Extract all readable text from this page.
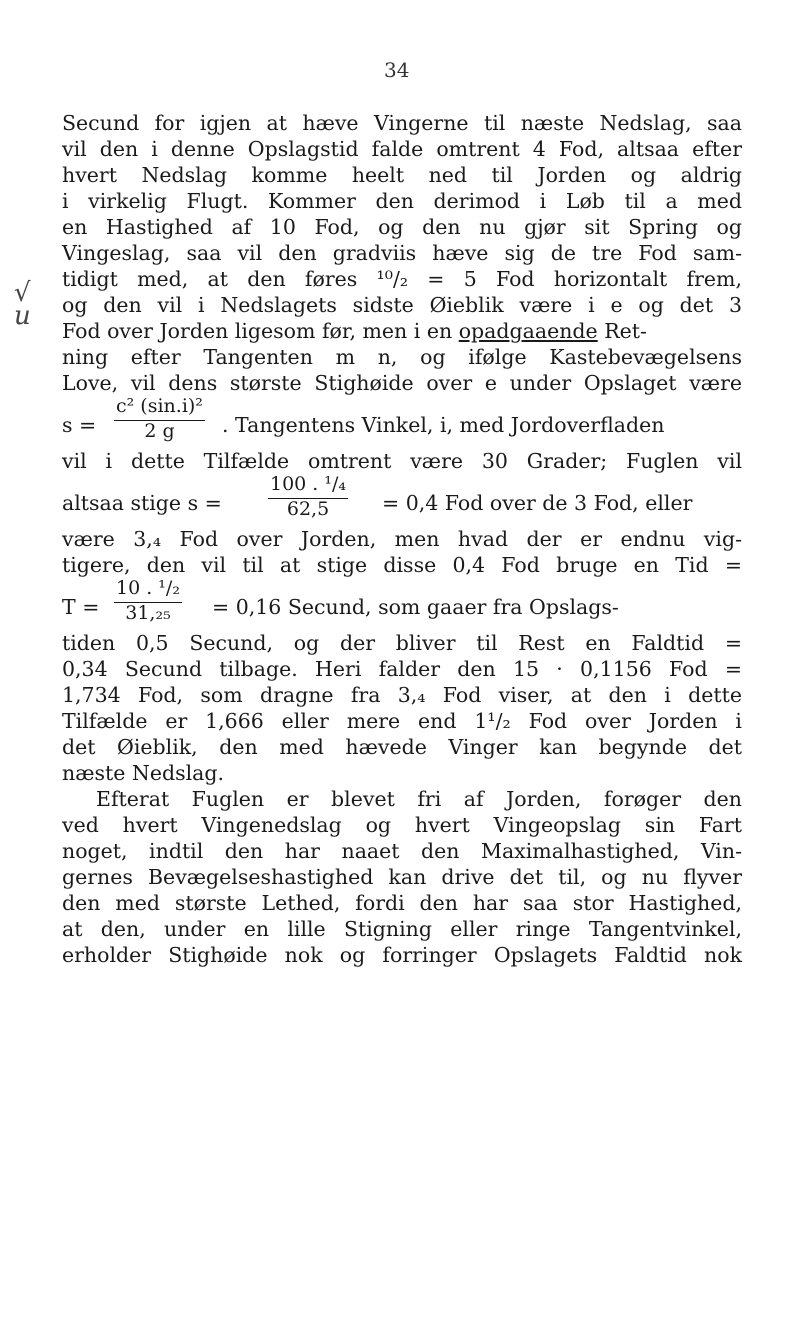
34
√
u
Secund for igjen at hæve Vingerne til næste Nedslag, saa
vil den i denne Opslagstid falde omtrent 4 Fod, altsaa efter
hvert Nedslag komme heelt ned til Jorden og aldrig
i virkelig Flugt. Kommer den derimod i Løb til a med
en Hastighed af 10 Fod, og den nu gjør sit Spring og
Vingeslag, saa vil den gradviis hæve sig de tre Fod sam-
tidigt med, at den føres ¹⁰/₂ = 5 Fod horizontalt frem,
og den vil i Nedslagets sidste Øieblik være i e og det 3
Fod over Jorden ligesom før, men i en opadgaaende Ret-
ning efter Tangenten m n, og ifølge Kastebevægelsens
Love, vil dens største Stighøide over e under Opslaget være
$s = \frac{\text{c² (sin.i)²}}{2 g}$ . Tangentens Vinkel, i, med Jordoverfladen
vil i dette Tilfælde omtrent være 30 Grader; Fuglen vil
altsaa stige $s = \frac{\text{100 . ¹/₄}}{62,5} = 0,4$ Fod over de 3 Fod, eller
være 3,₄ Fod over Jorden, men hvad der er endnu vig-
tigere, den vil til at stige disse 0,4 Fod bruge en Tid =
$T = \frac{\text{10 . ¹/₂}}{\text{31,₂₅}} = 0,16$ Secund, som gaaer fra Opslags-
tiden 0,5 Secund, og der bliver til Rest en Faldtid =
0,34 Secund tilbage. Heri falder den 15 · 0,1156 Fod =
1,734 Fod, som dragne fra 3,₄ Fod viser, at den i dette
Tilfælde er 1,666 eller mere end 1¹/₂ Fod over Jorden i
det Øieblik, den med hævede Vinger kan begynde det
næste Nedslag.
Efterat Fuglen er blevet fri af Jorden, forøger den
ved hvert Vingenedslag og hvert Vingeopslag sin Fart
noget, indtil den har naaet den Maximalhastighed, Vin-
gernes Bevægelseshastighed kan drive det til, og nu flyver
den med største Lethed, fordi den har saa stor Hastighed,
at den, under en lille Stigning eller ringe Tangentvinkel,
erholder Stighøide nok og forringer Opslagets Faldtid nok
